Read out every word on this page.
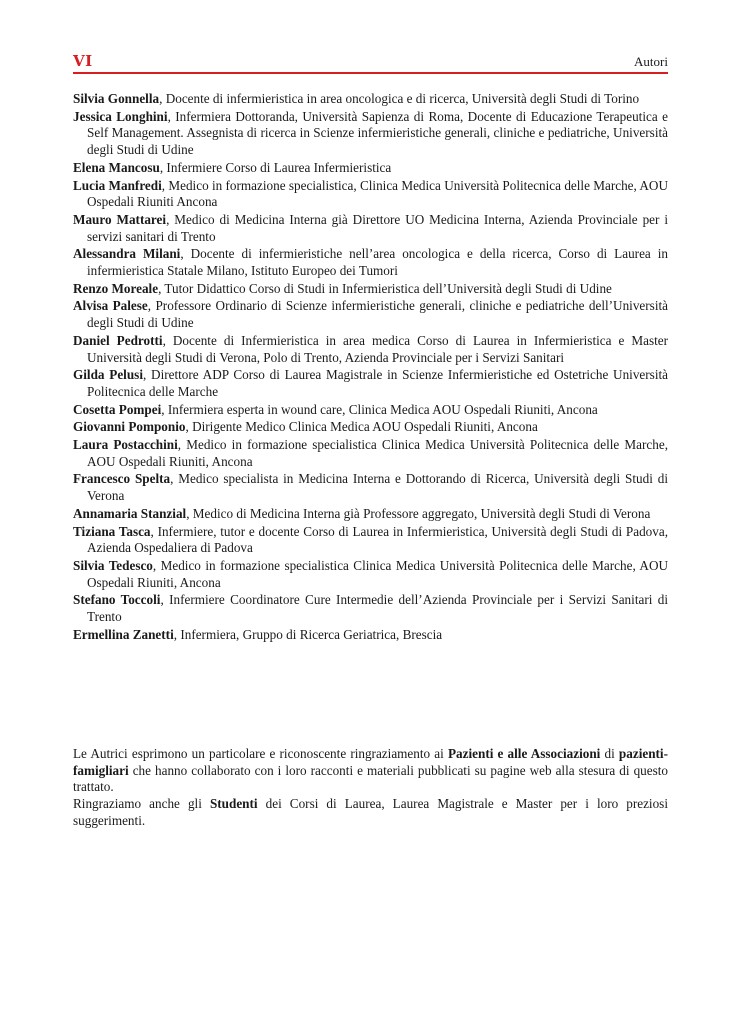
VI	Autori
Silvia Gonnella, Docente di infermieristica in area oncologica e di ricerca, Università degli Studi di Torino
Jessica Longhini, Infermiera Dottoranda, Università Sapienza di Roma, Docente di Educazione Terapeutica e Self Management. Assegnista di ricerca in Scienze infermieristiche generali, cliniche e pediatriche, Università degli Studi di Udine
Elena Mancosu, Infermiere Corso di Laurea Infermieristica
Lucia Manfredi, Medico in formazione specialistica, Clinica Medica Università Politecnica delle Marche, AOU Ospedali Riuniti Ancona
Mauro Mattarei, Medico di Medicina Interna già Direttore UO Medicina Interna, Azienda Provinciale per i servizi sanitari di Trento
Alessandra Milani, Docente di infermieristiche nell’area oncologica e della ricerca, Corso di Laurea in infermieristica Statale Milano, Istituto Europeo dei Tumori
Renzo Moreale, Tutor Didattico Corso di Studi in Infermieristica dell’Università degli Studi di Udine
Alvisa Palese, Professore Ordinario di Scienze infermieristiche generali, cliniche e pediatriche dell’Università degli Studi di Udine
Daniel Pedrotti, Docente di Infermieristica in area medica Corso di Laurea in Infermieristica e Master Università degli Studi di Verona, Polo di Trento, Azienda Provinciale per i Servizi Sanitari
Gilda Pelusi, Direttore ADP Corso di Laurea Magistrale in Scienze Infermieristiche ed Ostetriche Università Politecnica delle Marche
Cosetta Pompei, Infermiera esperta in wound care, Clinica Medica AOU Ospedali Riuniti, Ancona
Giovanni Pomponio, Dirigente Medico Clinica Medica AOU Ospedali Riuniti, Ancona
Laura Postacchini, Medico in formazione specialistica Clinica Medica Università Politecnica delle Marche, AOU Ospedali Riuniti, Ancona
Francesco Spelta, Medico specialista in Medicina Interna e Dottorando di Ricerca, Università degli Studi di Verona
Annamaria Stanzial, Medico di Medicina Interna già Professore aggregato, Università degli Studi di Verona
Tiziana Tasca, Infermiere, tutor e docente Corso di Laurea in Infermieristica, Università degli Studi di Padova, Azienda Ospedaliera di Padova
Silvia Tedesco, Medico in formazione specialistica Clinica Medica Università Politecnica delle Marche, AOU Ospedali Riuniti, Ancona
Stefano Toccoli, Infermiere Coordinatore Cure Intermedie dell’Azienda Provinciale per i Servizi Sanitari di Trento
Ermellina Zanetti, Infermiera, Gruppo di Ricerca Geriatrica, Brescia

Le Autrici esprimono un particolare e riconoscente ringraziamento ai Pazienti e alle Associazioni di pazienti-famigliari che hanno collaborato con i loro racconti e materiali pubblicati su pagine web alla stesura di questo trattato.

Ringraziamo anche gli Studenti dei Corsi di Laurea, Laurea Magistrale e Master per i loro preziosi suggerimenti.
